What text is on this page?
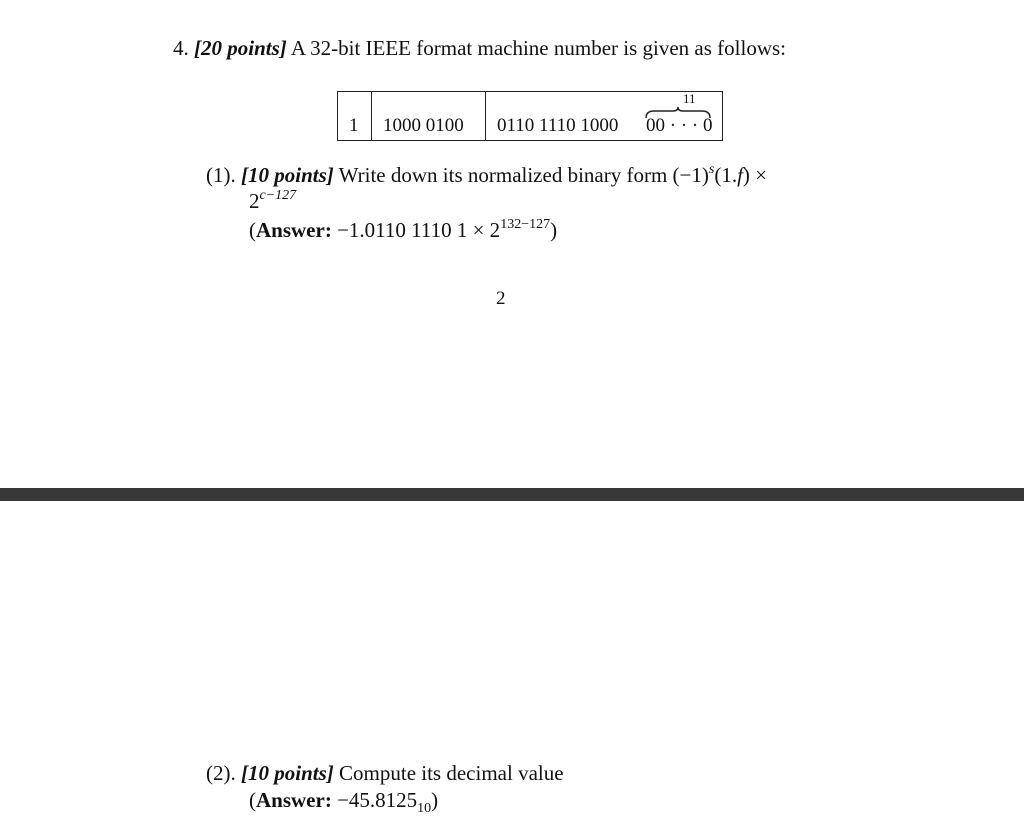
4. [20 points] A 32-bit IEEE format machine number is given as follows:
1 1000 0100 0110 1110 1000 00 · · · 0
11
(1). [10 points] Write down its normalized binary form $(-1)^s(1.f)$ ×
$2^{c-127}$
(Answer: −1.0110 1110 $1 \times 2^{132-127}$)
2
(2). [10 points] Compute its decimal value
(Answer: $-45.8125_{10}$)
